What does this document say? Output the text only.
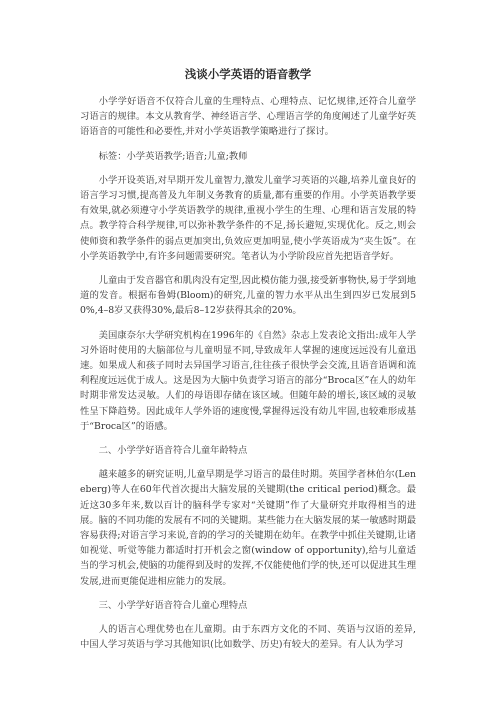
浅谈小学英语的语音教学

小学学好语音不仅符合儿童的生理特点、心理特点、记忆规律,还符合儿童学习语言的规律。本文从教育学、神经语言学、心理语言学的角度阐述了儿童学好英语语音的可能性和必要性,并对小学英语教学策略进行了探讨。

标签：小学英语教学;语音;儿童;教师

小学开设英语,对早期开发儿童智力,激发儿童学习英语的兴趣,培养儿童良好的语言学习习惯,提高普及九年制义务教育的质量,都有重要的作用。小学英语教学要有效果,就必须遵守小学英语教学的规律,重视小学生的生理、心理和语言发展的特点。教学符合科学规律,可以弥补教学条件的不足,扬长避短,实现优化。反之,则会使师资和教学条件的弱点更加突出,负效应更加明显,使小学英语成为“夹生饭”。在小学英语教学中,有许多问题需要研究。笔者认为小学阶段应首先把语音学好。

儿童由于发音器官和肌肉没有定型,因此模仿能力强,接受新事物快,易于学到地道的发音。根据布鲁姆(Bloom)的研究,儿童的智力水平从出生到四岁已发展到50%,4–8岁又获得30%,最后8–12岁获得其余的20%。

美国康奈尔大学研究机构在1996年的《自然》杂志上发表论文指出:成年人学习外语时使用的大脑部位与儿童明显不同,导致成年人掌握的速度远远没有儿童迅速。如果成人和孩子同时去异国学习语言,往往孩子很快学会交流,且语音语调和流利程度远远优于成人。这是因为大脑中负责学习语言的部分“Broca区”在人的幼年时期非常发达灵敏。人们的母语即存储在该区域。但随年龄的增长,该区域的灵敏性呈下降趋势。因此成年人学外语的速度慢,掌握得远没有幼儿牢固,也较难形成基于“Broca区”的语感。

二、小学学好语音符合儿童年龄特点

越来越多的研究证明,儿童早期是学习语言的最佳时期。英国学者林伯尔(Leneberg)等人在60年代首次提出大脑发展的关键期(the critical period)概念。最近这30多年来,数以百计的脑科学专家对“关键期”作了大量研究并取得相当的进展。脑的不同功能的发展有不同的关键期。某些能力在大脑发展的某一敏感时期最容易获得;对语言学习来说,音韵的学习的关键期在幼年。在教学中抓住关键期,让诸如视觉、听觉等能力都适时打开机会之窗(window of opportunity),给与儿童适当的学习机会,使脑的功能得到及时的发挥,不仅能使他们学的快,还可以促进其生理发展,进而更能促进相应能力的发展。

三、小学学好语音符合儿童心理特点

人的语言心理优势也在儿童期。由于东西方文化的不同、英语与汉语的差异,中国人学习英语与学习其他知识(比如数学、历史)有较大的差异。有人认为学习
